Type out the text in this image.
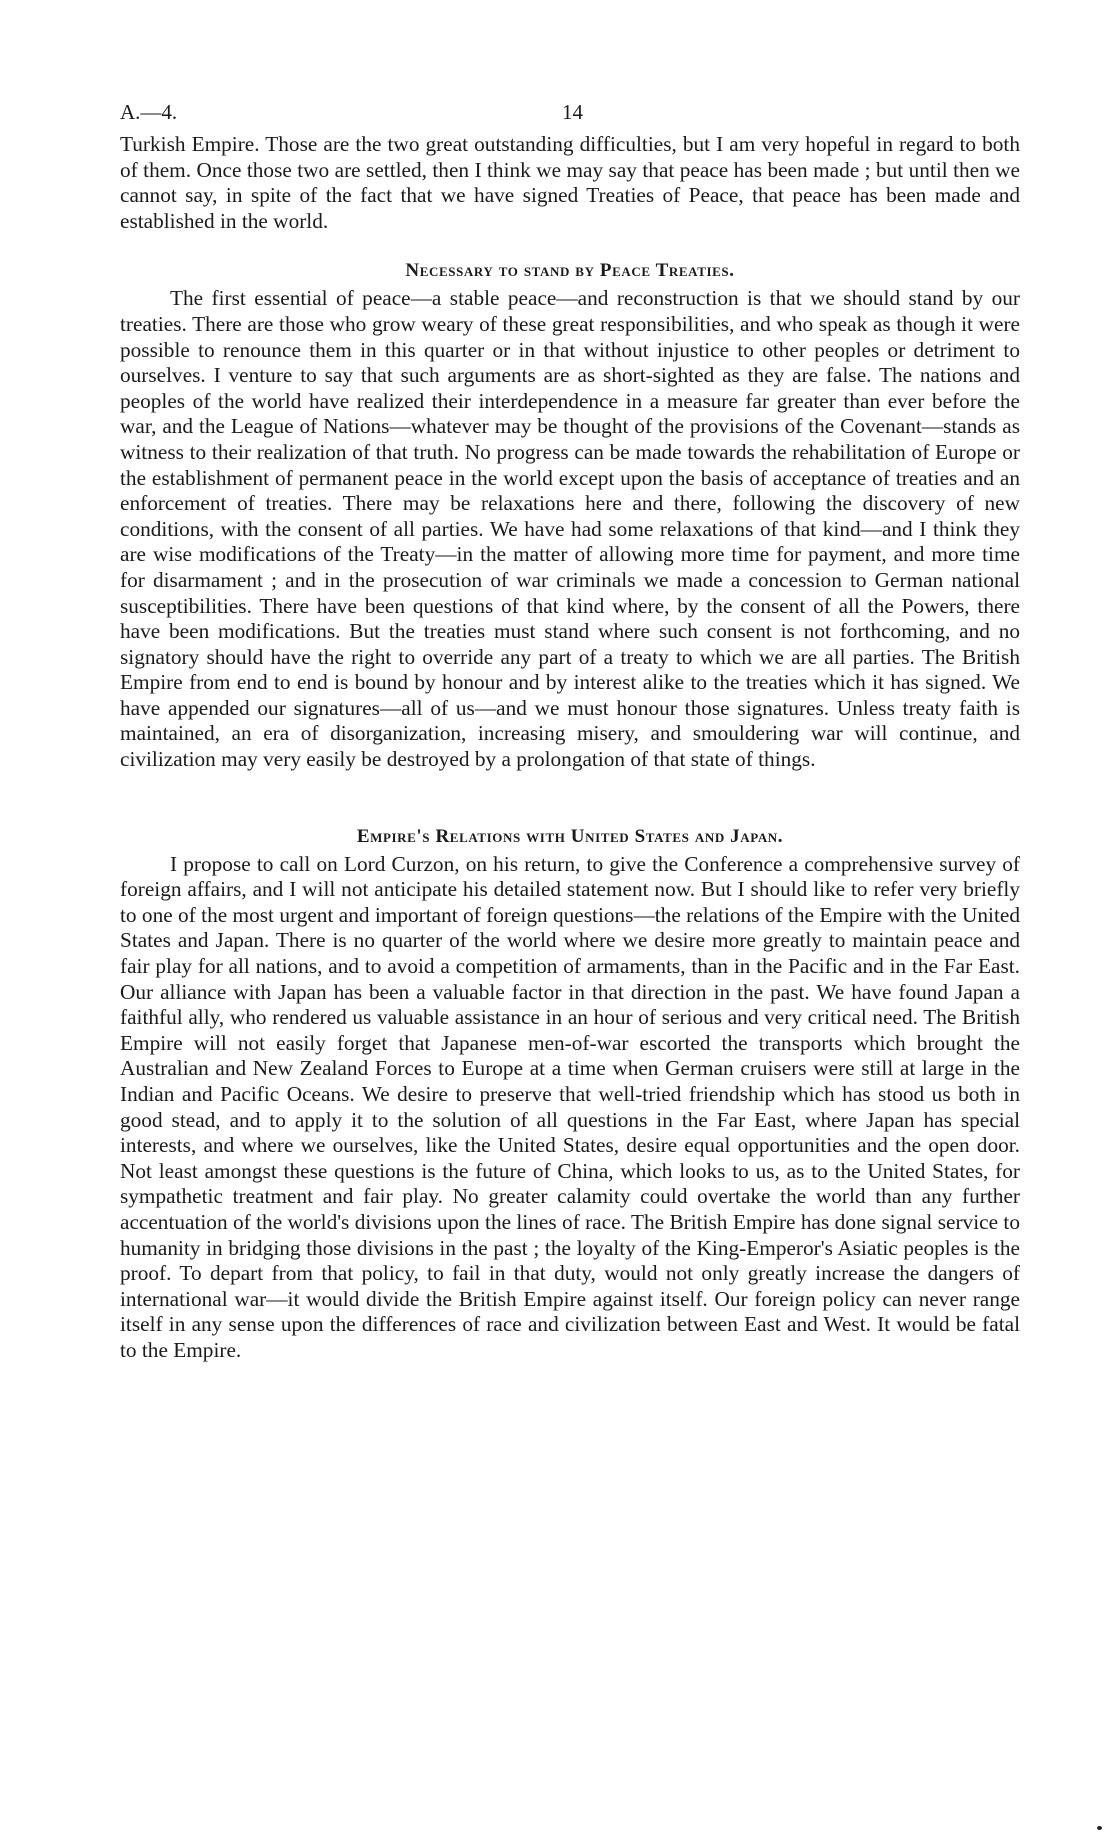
A.—4.	14

Turkish Empire. Those are the two great outstanding difficulties, but I am very hopeful in regard to both of them. Once those two are settled, then I think we may say that peace has been made ; but until then we cannot say, in spite of the fact that we have signed Treaties of Peace, that peace has been made and established in the world.

Necessary to stand by Peace Treaties.

The first essential of peace—a stable peace—and reconstruction is that we should stand by our treaties. There are those who grow weary of these great responsibilities, and who speak as though it were possible to renounce them in this quarter or in that without injustice to other peoples or detriment to ourselves. I venture to say that such arguments are as short-sighted as they are false. The nations and peoples of the world have realized their interdependence in a measure far greater than ever before the war, and the League of Nations—whatever may be thought of the provisions of the Covenant—stands as witness to their realization of that truth. No progress can be made towards the rehabilitation of Europe or the establishment of permanent peace in the world except upon the basis of acceptance of treaties and an enforcement of treaties. There may be relaxations here and there, following the discovery of new conditions, with the consent of all parties. We have had some relaxations of that kind—and I think they are wise modifications of the Treaty—in the matter of allowing more time for payment, and more time for disarmament ; and in the prosecution of war criminals we made a concession to German national susceptibilities. There have been questions of that kind where, by the consent of all the Powers, there have been modifications. But the treaties must stand where such consent is not forthcoming, and no signatory should have the right to override any part of a treaty to which we are all parties. The British Empire from end to end is bound by honour and by interest alike to the treaties which it has signed. We have appended our signatures—all of us—and we must honour those signatures. Unless treaty faith is maintained, an era of disorganization, increasing misery, and smouldering war will continue, and civilization may very easily be destroyed by a prolongation of that state of things.

Empire's Relations with United States and Japan.

I propose to call on Lord Curzon, on his return, to give the Conference a comprehensive survey of foreign affairs, and I will not anticipate his detailed statement now. But I should like to refer very briefly to one of the most urgent and important of foreign questions—the relations of the Empire with the United States and Japan. There is no quarter of the world where we desire more greatly to maintain peace and fair play for all nations, and to avoid a competition of armaments, than in the Pacific and in the Far East. Our alliance with Japan has been a valuable factor in that direction in the past. We have found Japan a faithful ally, who rendered us valuable assistance in an hour of serious and very critical need. The British Empire will not easily forget that Japanese men-of-war escorted the transports which brought the Australian and New Zealand Forces to Europe at a time when German cruisers were still at large in the Indian and Pacific Oceans. We desire to preserve that well-tried friendship which has stood us both in good stead, and to apply it to the solution of all questions in the Far East, where Japan has special interests, and where we ourselves, like the United States, desire equal opportunities and the open door. Not least amongst these questions is the future of China, which looks to us, as to the United States, for sympathetic treatment and fair play. No greater calamity could overtake the world than any further accentuation of the world's divisions upon the lines of race. The British Empire has done signal service to humanity in bridging those divisions in the past ; the loyalty of the King-Emperor's Asiatic peoples is the proof. To depart from that policy, to fail in that duty, would not only greatly increase the dangers of international war—it would divide the British Empire against itself. Our foreign policy can never range itself in any sense upon the differences of race and civilization between East and West. It would be fatal to the Empire.
